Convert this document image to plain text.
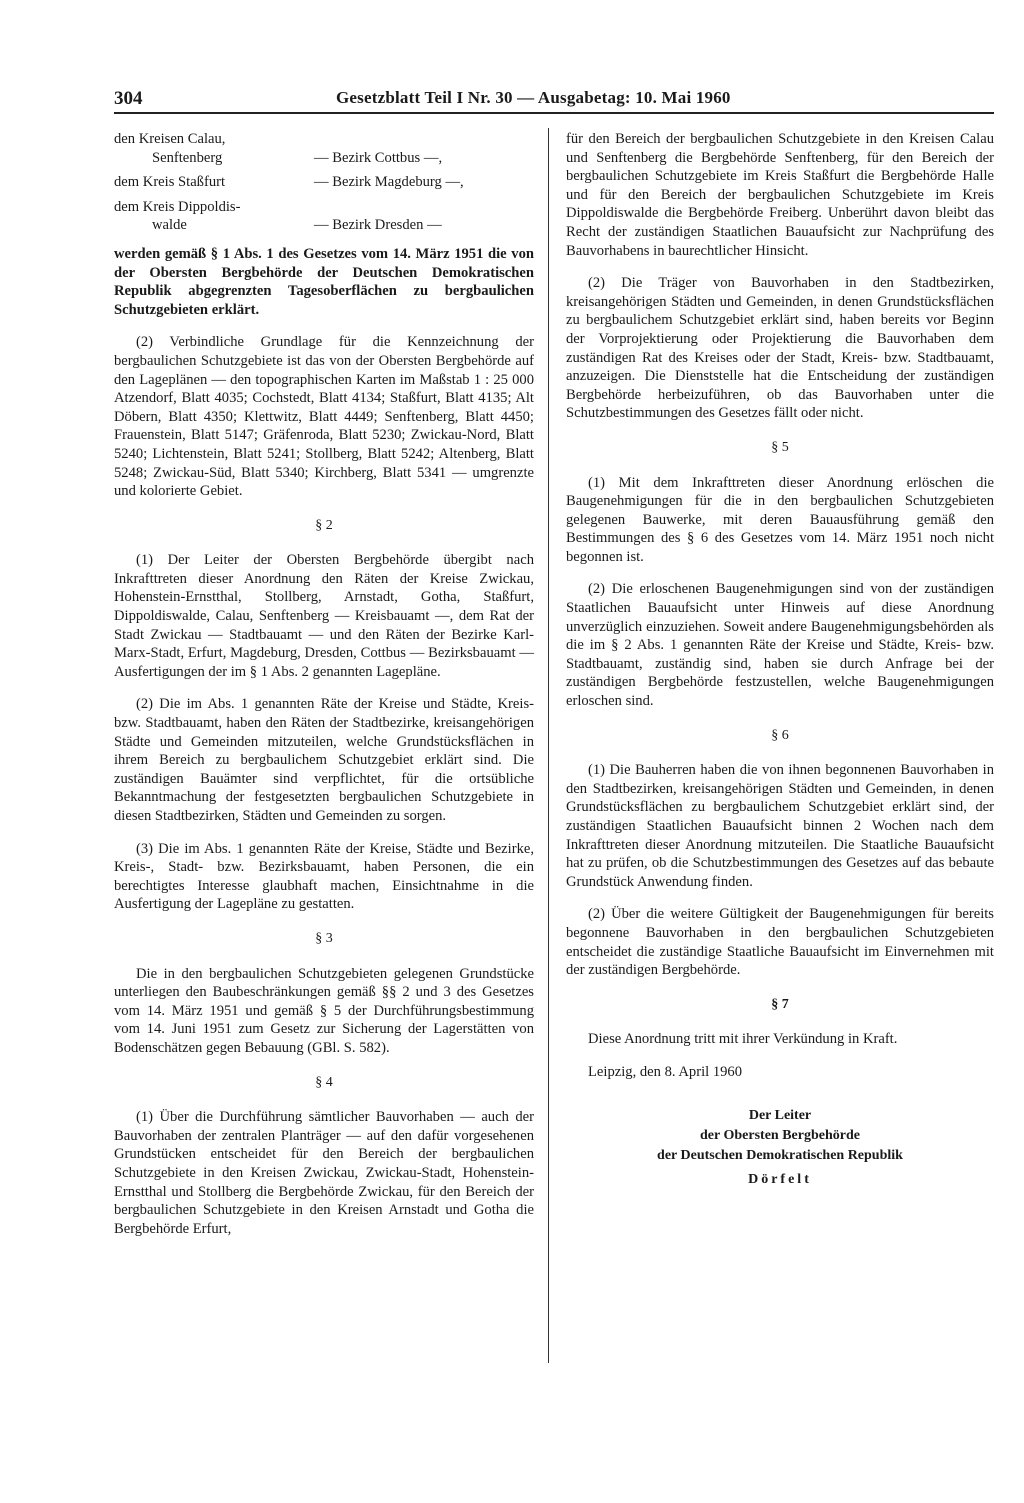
304	Gesetzblatt Teil I Nr. 30 — Ausgabetag: 10. Mai 1960
den Kreisen Calau,
Senftenberg	— Bezirk Cottbus —,
dem Kreis Staßfurt	— Bezirk Magdeburg —,
dem Kreis Dippoldis-
walde	— Bezirk Dresden —

werden gemäß § 1 Abs. 1 des Gesetzes vom 14. März 1951 die von der Obersten Bergbehörde der Deutschen Demokratischen Republik abgegrenzten Tagesoberflächen zu bergbaulichen Schutzgebieten erklärt.

(2) Verbindliche Grundlage für die Kennzeichnung der bergbaulichen Schutzgebiete ist das von der Obersten Bergbehörde auf den Lageplänen — den topographischen Karten im Maßstab 1 : 25 000 Atzendorf, Blatt 4035; Cochstedt, Blatt 4134; Staßfurt, Blatt 4135; Alt Döbern, Blatt 4350; Klettwitz, Blatt 4449; Senftenberg, Blatt 4450; Frauenstein, Blatt 5147; Gräfenroda, Blatt 5230; Zwickau-Nord, Blatt 5240; Lichtenstein, Blatt 5241; Stollberg, Blatt 5242; Altenberg, Blatt 5248; Zwickau-Süd, Blatt 5340; Kirchberg, Blatt 5341 — umgrenzte und kolorierte Gebiet.

§ 2

(1) Der Leiter der Obersten Bergbehörde übergibt nach Inkrafttreten dieser Anordnung den Räten der Kreise Zwickau, Hohenstein-Ernstthal, Stollberg, Arnstadt, Gotha, Staßfurt, Dippoldiswalde, Calau, Senftenberg — Kreisbauamt —, dem Rat der Stadt Zwickau — Stadtbauamt — und den Räten der Bezirke Karl-Marx-Stadt, Erfurt, Magdeburg, Dresden, Cottbus — Bezirksbauamt — Ausfertigungen der im § 1 Abs. 2 genannten Lagepläne.

(2) Die im Abs. 1 genannten Räte der Kreise und Städte, Kreis- bzw. Stadtbauamt, haben den Räten der Stadtbezirke, kreisangehörigen Städte und Gemeinden mitzuteilen, welche Grundstücksflächen in ihrem Bereich zu bergbaulichem Schutzgebiet erklärt sind. Die zuständigen Bauämter sind verpflichtet, für die ortsübliche Bekanntmachung der festgesetzten bergbaulichen Schutzgebiete in diesen Stadtbezirken, Städten und Gemeinden zu sorgen.

(3) Die im Abs. 1 genannten Räte der Kreise, Städte und Bezirke, Kreis-, Stadt- bzw. Bezirksbauamt, haben Personen, die ein berechtigtes Interesse glaubhaft machen, Einsichtnahme in die Ausfertigung der Lagepläne zu gestatten.

§ 3

Die in den bergbaulichen Schutzgebieten gelegenen Grundstücke unterliegen den Baubeschränkungen gemäß §§ 2 und 3 des Gesetzes vom 14. März 1951 und gemäß § 5 der Durchführungsbestimmung vom 14. Juni 1951 zum Gesetz zur Sicherung der Lagerstätten von Bodenschätzen gegen Bebauung (GBl. S. 582).

§ 4

(1) Über die Durchführung sämtlicher Bauvorhaben — auch der Bauvorhaben der zentralen Planträger — auf den dafür vorgesehenen Grundstücken entscheidet für den Bereich der bergbaulichen Schutzgebiete in den Kreisen Zwickau, Zwickau-Stadt, Hohenstein-Ernstthal und Stollberg die Bergbehörde Zwickau, für den Bereich der bergbaulichen Schutzgebiete in den Kreisen Arnstadt und Gotha die Bergbehörde Erfurt,

für den Bereich der bergbaulichen Schutzgebiete in den Kreisen Calau und Senftenberg die Bergbehörde Senftenberg, für den Bereich der bergbaulichen Schutzgebiete im Kreis Staßfurt die Bergbehörde Halle und für den Bereich der bergbaulichen Schutzgebiete im Kreis Dippoldiswalde die Bergbehörde Freiberg. Unberührt davon bleibt das Recht der zuständigen Staatlichen Bauaufsicht zur Nachprüfung des Bauvorhabens in baurechtlicher Hinsicht.

(2) Die Träger von Bauvorhaben in den Stadtbezirken, kreisangehörigen Städten und Gemeinden, in denen Grundstücksflächen zu bergbaulichem Schutzgebiet erklärt sind, haben bereits vor Beginn der Vorprojektierung oder Projektierung die Bauvorhaben dem zuständigen Rat des Kreises oder der Stadt, Kreis- bzw. Stadtbauamt, anzuzeigen. Die Dienststelle hat die Entscheidung der zuständigen Bergbehörde herbeizuführen, ob das Bauvorhaben unter die Schutzbestimmungen des Gesetzes fällt oder nicht.

§ 5

(1) Mit dem Inkrafttreten dieser Anordnung erlöschen die Baugenehmigungen für die in den bergbaulichen Schutzgebieten gelegenen Bauwerke, mit deren Bauausführung gemäß den Bestimmungen des § 6 des Gesetzes vom 14. März 1951 noch nicht begonnen ist.

(2) Die erloschenen Baugenehmigungen sind von der zuständigen Staatlichen Bauaufsicht unter Hinweis auf diese Anordnung unverzüglich einzuziehen. Soweit andere Baugenehmigungsbehörden als die im § 2 Abs. 1 genannten Räte der Kreise und Städte, Kreis- bzw. Stadtbauamt, zuständig sind, haben sie durch Anfrage bei der zuständigen Bergbehörde festzustellen, welche Baugenehmigungen erloschen sind.

§ 6

(1) Die Bauherren haben die von ihnen begonnenen Bauvorhaben in den Stadtbezirken, kreisangehörigen Städten und Gemeinden, in denen Grundstücksflächen zu bergbaulichem Schutzgebiet erklärt sind, der zuständigen Staatlichen Bauaufsicht binnen 2 Wochen nach dem Inkrafttreten dieser Anordnung mitzuteilen. Die Staatliche Bauaufsicht hat zu prüfen, ob die Schutzbestimmungen des Gesetzes auf das bebaute Grundstück Anwendung finden.

(2) Über die weitere Gültigkeit der Baugenehmigungen für bereits begonnene Bauvorhaben in den bergbaulichen Schutzgebieten entscheidet die zuständige Staatliche Bauaufsicht im Einvernehmen mit der zuständigen Bergbehörde.

§ 7

Diese Anordnung tritt mit ihrer Verkündung in Kraft.

Leipzig, den 8. April 1960
Der Leiter
der Obersten Bergbehörde
der Deutschen Demokratischen Republik
Dörfelt
